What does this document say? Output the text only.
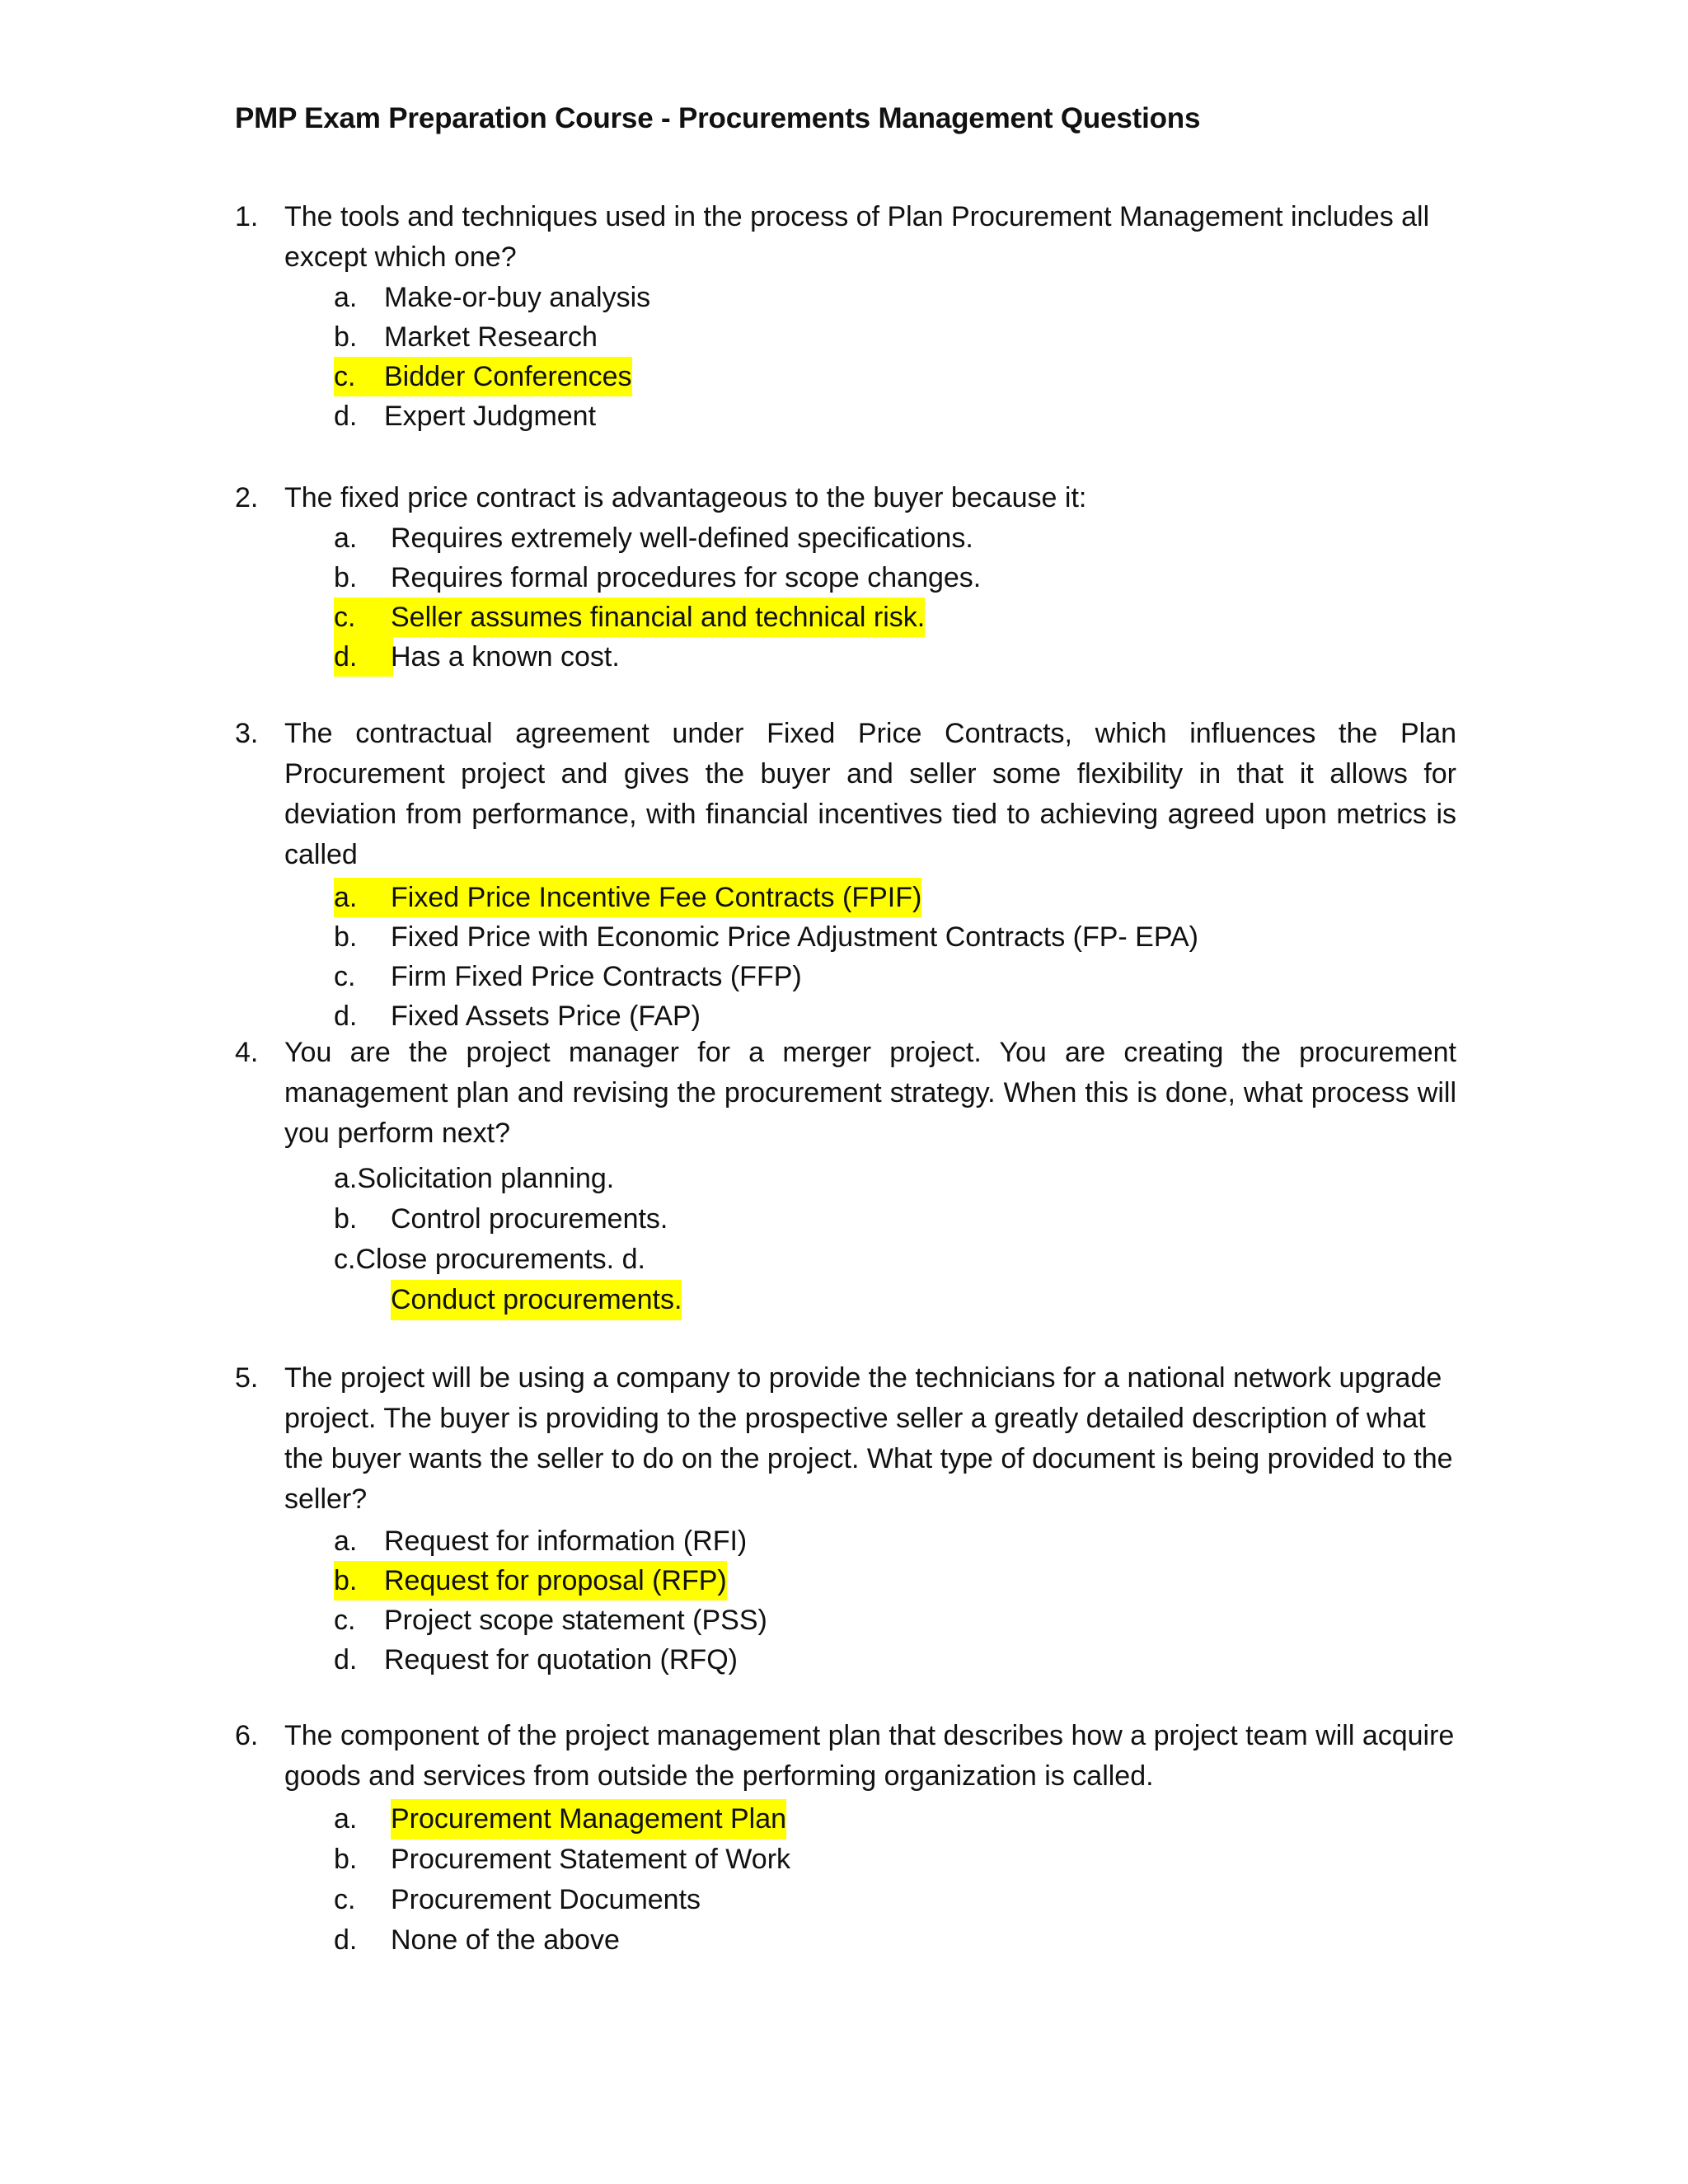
PMP Exam Preparation Course - Procurements Management Questions
1. The tools and techniques used in the process of Plan Procurement Management includes all except which one?
a. Make-or-buy analysis
b. Market Research
c.	Bidder Conferences
d. Expert Judgment
2. The fixed price contract is advantageous to the buyer because it:
a. Requires extremely well-defined specifications.
b. Requires formal procedures for scope changes.
c.	Seller assumes financial and technical risk.
d.	Has a known cost.
3. The contractual agreement under Fixed Price Contracts, which influences the Plan Procurement project and gives the buyer and seller some flexibility in that it allows for deviation from performance, with financial incentives tied to achieving agreed upon metrics is called
a.	Fixed Price Incentive Fee Contracts (FPIF)
b. Fixed Price with Economic Price Adjustment Contracts (FP- EPA)
c. Firm Fixed Price Contracts (FFP)
d. Fixed Assets Price (FAP)
4. You are the project manager for a merger project. You are creating the procurement management plan and revising the procurement strategy. When this is done, what process will you perform next?
a.Solicitation planning.
b. Control procurements.
c.Close procurements. d.
Conduct procurements.
5. The project will be using a company to provide the technicians for a national network upgrade project. The buyer is providing to the prospective seller a greatly detailed description of what the buyer wants the seller to do on the project. What type of document is being provided to the seller?
a. Request for information (RFI)
b. Request for proposal (RFP)
c. Project scope statement (PSS)
d. Request for quotation (RFQ)
6. The component of the project management plan that describes how a project team will acquire goods and services from outside the performing organization is called.
a. Procurement Management Plan
b. Procurement Statement of Work
c. Procurement Documents
d. None of the above
